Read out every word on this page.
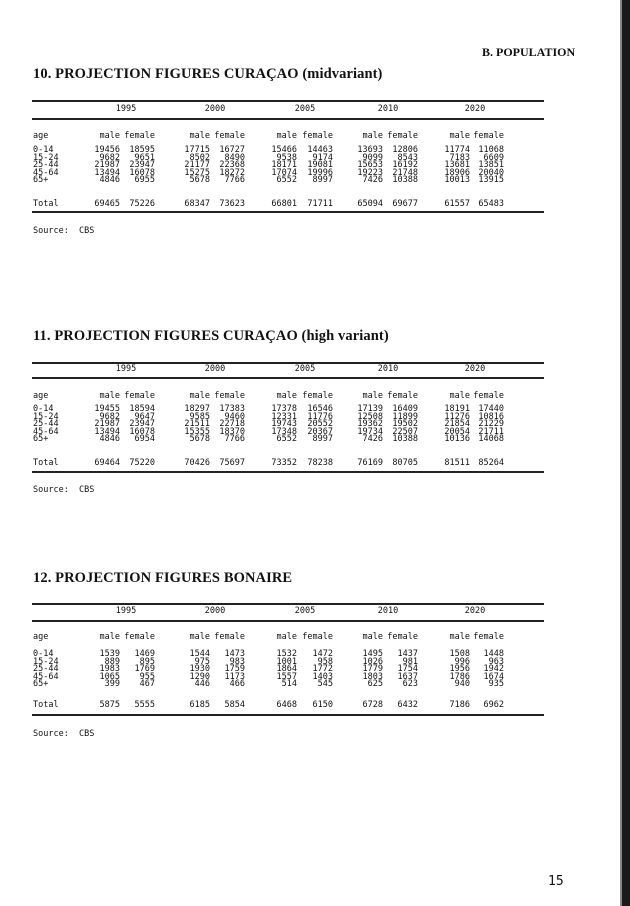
B. POPULATION
15
10. PROJECTION FIGURES CURAÇAO (midvariant)
1995	2000	2005	2010	2020
age	male female	male female	male female	male female	male female
0-14	19456 18595	17715 16727	15466 14463	13693 12806	11774 11068
15-24	9682 9651	8502 8490	9538 9174	9099 8543	7183 6609
25-44	21987 23947	21177 22368	18171 19081	15653 16192	13681 13851
45-64	13494 16078	15275 18272	17074 19996	19223 21748	18906 20040
65+	4846 6955	5678 7766	6552 8997	7426 10388	10013 13915
Total	69465 75226	68347 73623	66801 71711	65094 69677	61557 65483
Source:  CBS
11. PROJECTION FIGURES CURAÇAO (high variant)
1995	2000	2005	2010	2020
age	male female	male female	male female	male female	male female
0-14	19455 18594	18297 17383	17378 16546	17139 16409	18191 17440
15-24	9682 9647	9585 9460	12331 11776	12508 11899	11276 10816
25-44	21987 23947	21511 22718	19743 20552	19362 19502	21854 21229
45-64	13494 16078	15355 18370	17348 20367	19734 22507	20054 21711
65+	4846 6954	5678 7766	6552 8997	7426 10388	10136 14068
Total	69464 75220	70426 75697	73352 78238	76169 80705	81511 85264
Source:  CBS
12. PROJECTION FIGURES BONAIRE
1995	2000	2005	2010	2020
age	male female	male female	male female	male female	male female
0-14	1539 1469	1544 1473	1532 1472	1495 1437	1508 1448
15-24	889 895	975 983	1001 958	1026 981	996 963
25-44	1983 1769	1930 1759	1864 1772	1779 1754	1956 1942
45-64	1065 955	1290 1173	1557 1403	1803 1637	1786 1674
65+	399 467	446 466	514 545	625 623	940 935
Total	5875 5555	6185 5854	6468 6150	6728 6432	7186 6962
Source:  CBS
